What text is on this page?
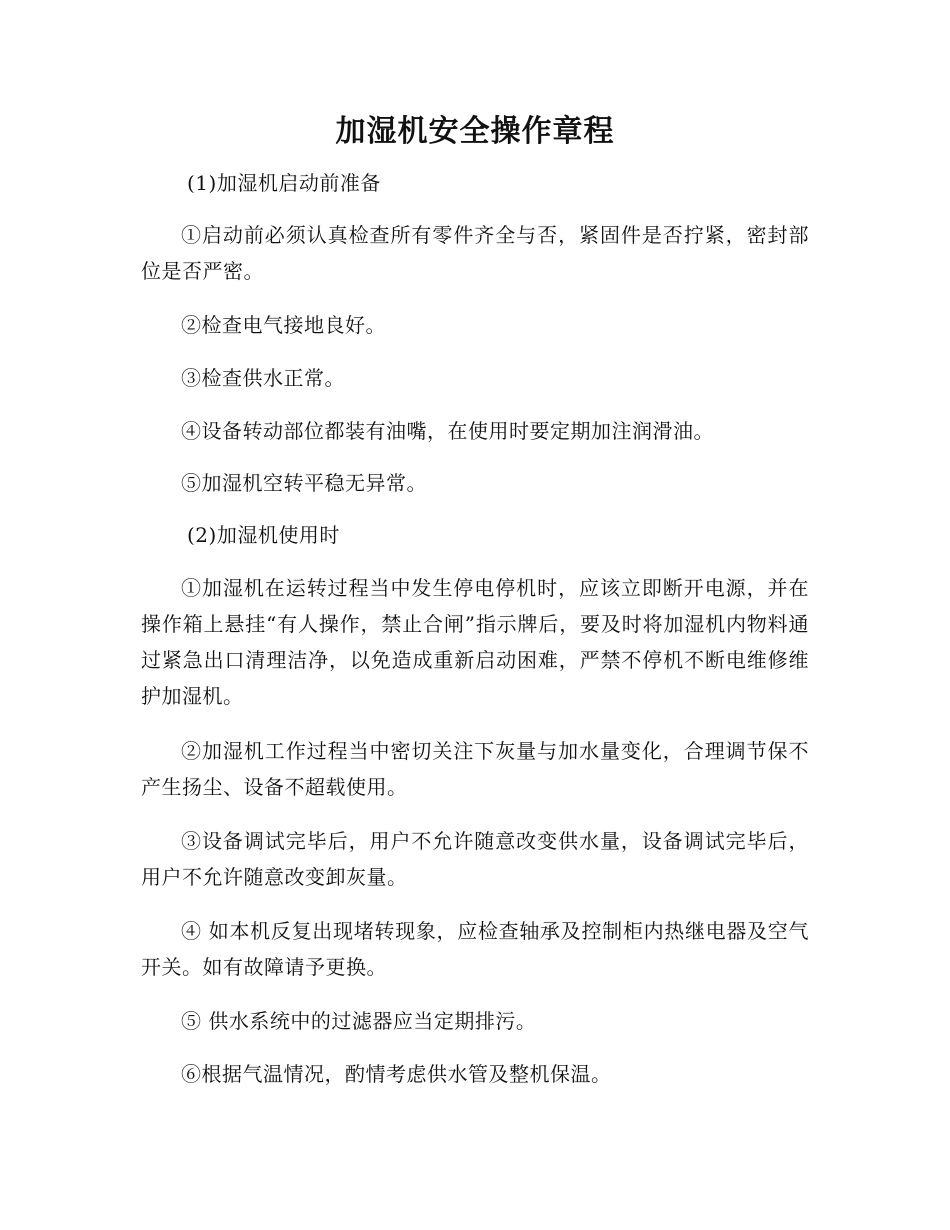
加湿机安全操作章程

(1)加湿机启动前准备

①启动前必须认真检查所有零件齐全与否，紧固件是否拧紧，密封部位是否严密。

②检查电气接地良好。

③检查供水正常。

④设备转动部位都装有油嘴，在使用时要定期加注润滑油。

⑤加湿机空转平稳无异常。

(2)加湿机使用时

①加湿机在运转过程当中发生停电停机时，应该立即断开电源，并在操作箱上悬挂“有人操作，禁止合闸”指示牌后，要及时将加湿机内物料通过紧急出口清理洁净，以免造成重新启动困难，严禁不停机不断电维修维护加湿机。

②加湿机工作过程当中密切关注下灰量与加水量变化，合理调节保不产生扬尘、设备不超载使用。

③设备调试完毕后，用户不允许随意改变供水量，设备调试完毕后，用户不允许随意改变卸灰量。

④ 如本机反复出现堵转现象，应检查轴承及控制柜内热继电器及空气开关。如有故障请予更换。

⑤ 供水系统中的过滤器应当定期排污。

⑥根据气温情况，酌情考虑供水管及整机保温。
